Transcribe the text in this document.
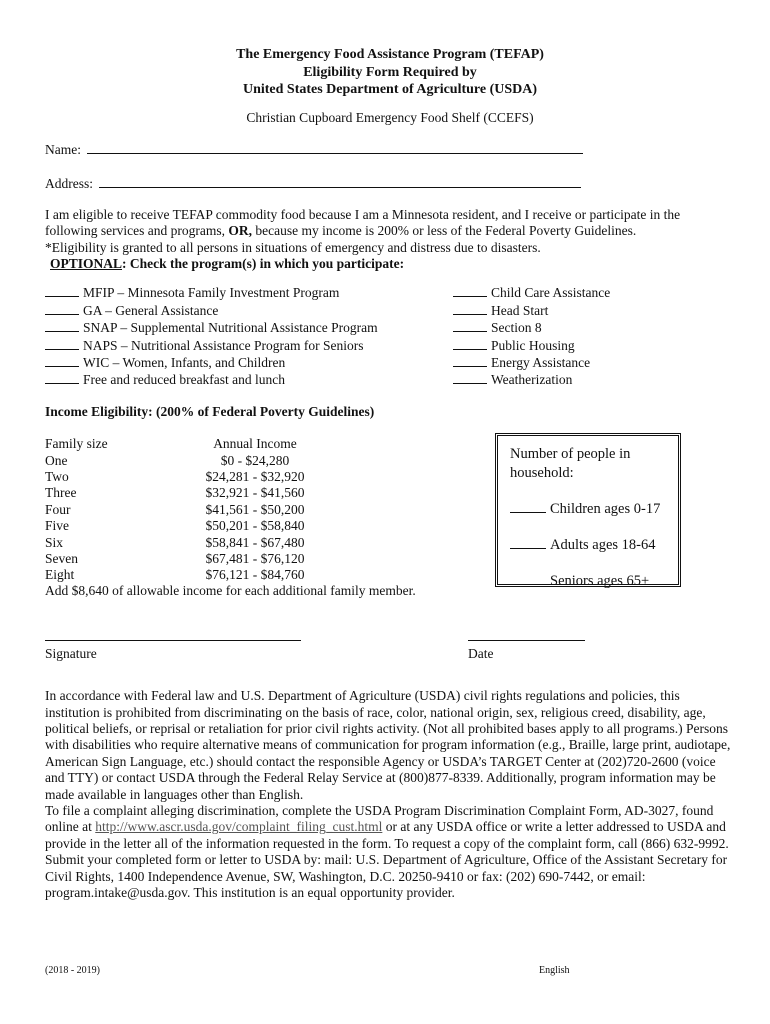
The Emergency Food Assistance Program (TEFAP)
Eligibility Form Required by
United States Department of Agriculture (USDA)
Christian Cupboard Emergency Food Shelf (CCEFS)
Name:
Address:
I am eligible to receive TEFAP commodity food because I am a Minnesota resident, and I receive or participate in the following services and programs, OR, because my income is 200% or less of the Federal Poverty Guidelines.
*Eligibility is granted to all persons in situations of emergency and distress due to disasters.
OPTIONAL: Check the program(s) in which you participate:
MFIP – Minnesota Family Investment Program
GA – General Assistance
SNAP – Supplemental Nutritional Assistance Program
NAPS – Nutritional Assistance Program for Seniors
WIC – Women, Infants, and Children
Free and reduced breakfast and lunch
Child Care Assistance
Head Start
Section 8
Public Housing
Energy Assistance
Weatherization
Income Eligibility: (200% of Federal Poverty Guidelines)
Family size	Annual Income
One	$0 - $24,280
Two	$24,281 - $32,920
Three	$32,921 - $41,560
Four	$41,561 - $50,200
Five	$50,201 - $58,840
Six	$58,841 - $67,480
Seven	$67,481 - $76,120
Eight	$76,121 - $84,760
Add $8,640 of allowable income for each additional family member.
Number of people in household:
Children ages 0-17
Adults ages 18-64
Seniors ages 65+
Signature	Date
In accordance with Federal law and U.S. Department of Agriculture (USDA) civil rights regulations and policies, this institution is prohibited from discriminating on the basis of race, color, national origin, sex, religious creed, disability, age, political beliefs, or reprisal or retaliation for prior civil rights activity. (Not all prohibited bases apply to all programs.) Persons with disabilities who require alternative means of communication for program information (e.g., Braille, large print, audiotape, American Sign Language, etc.) should contact the responsible Agency or USDA’s TARGET Center at (202)720-2600 (voice and TTY) or contact USDA through the Federal Relay Service at (800)877-8339. Additionally, program information may be made available in languages other than English.
To file a complaint alleging discrimination, complete the USDA Program Discrimination Complaint Form, AD-3027, found online at http://www.ascr.usda.gov/complaint_filing_cust.html or at any USDA office or write a letter addressed to USDA and provide in the letter all of the information requested in the form. To request a copy of the complaint form, call (866) 632-9992. Submit your completed form or letter to USDA by: mail: U.S. Department of Agriculture, Office of the Assistant Secretary for Civil Rights, 1400 Independence Avenue, SW, Washington, D.C. 20250-9410 or fax: (202) 690-7442, or email: program.intake@usda.gov. This institution is an equal opportunity provider.
(2018 - 2019)	English
